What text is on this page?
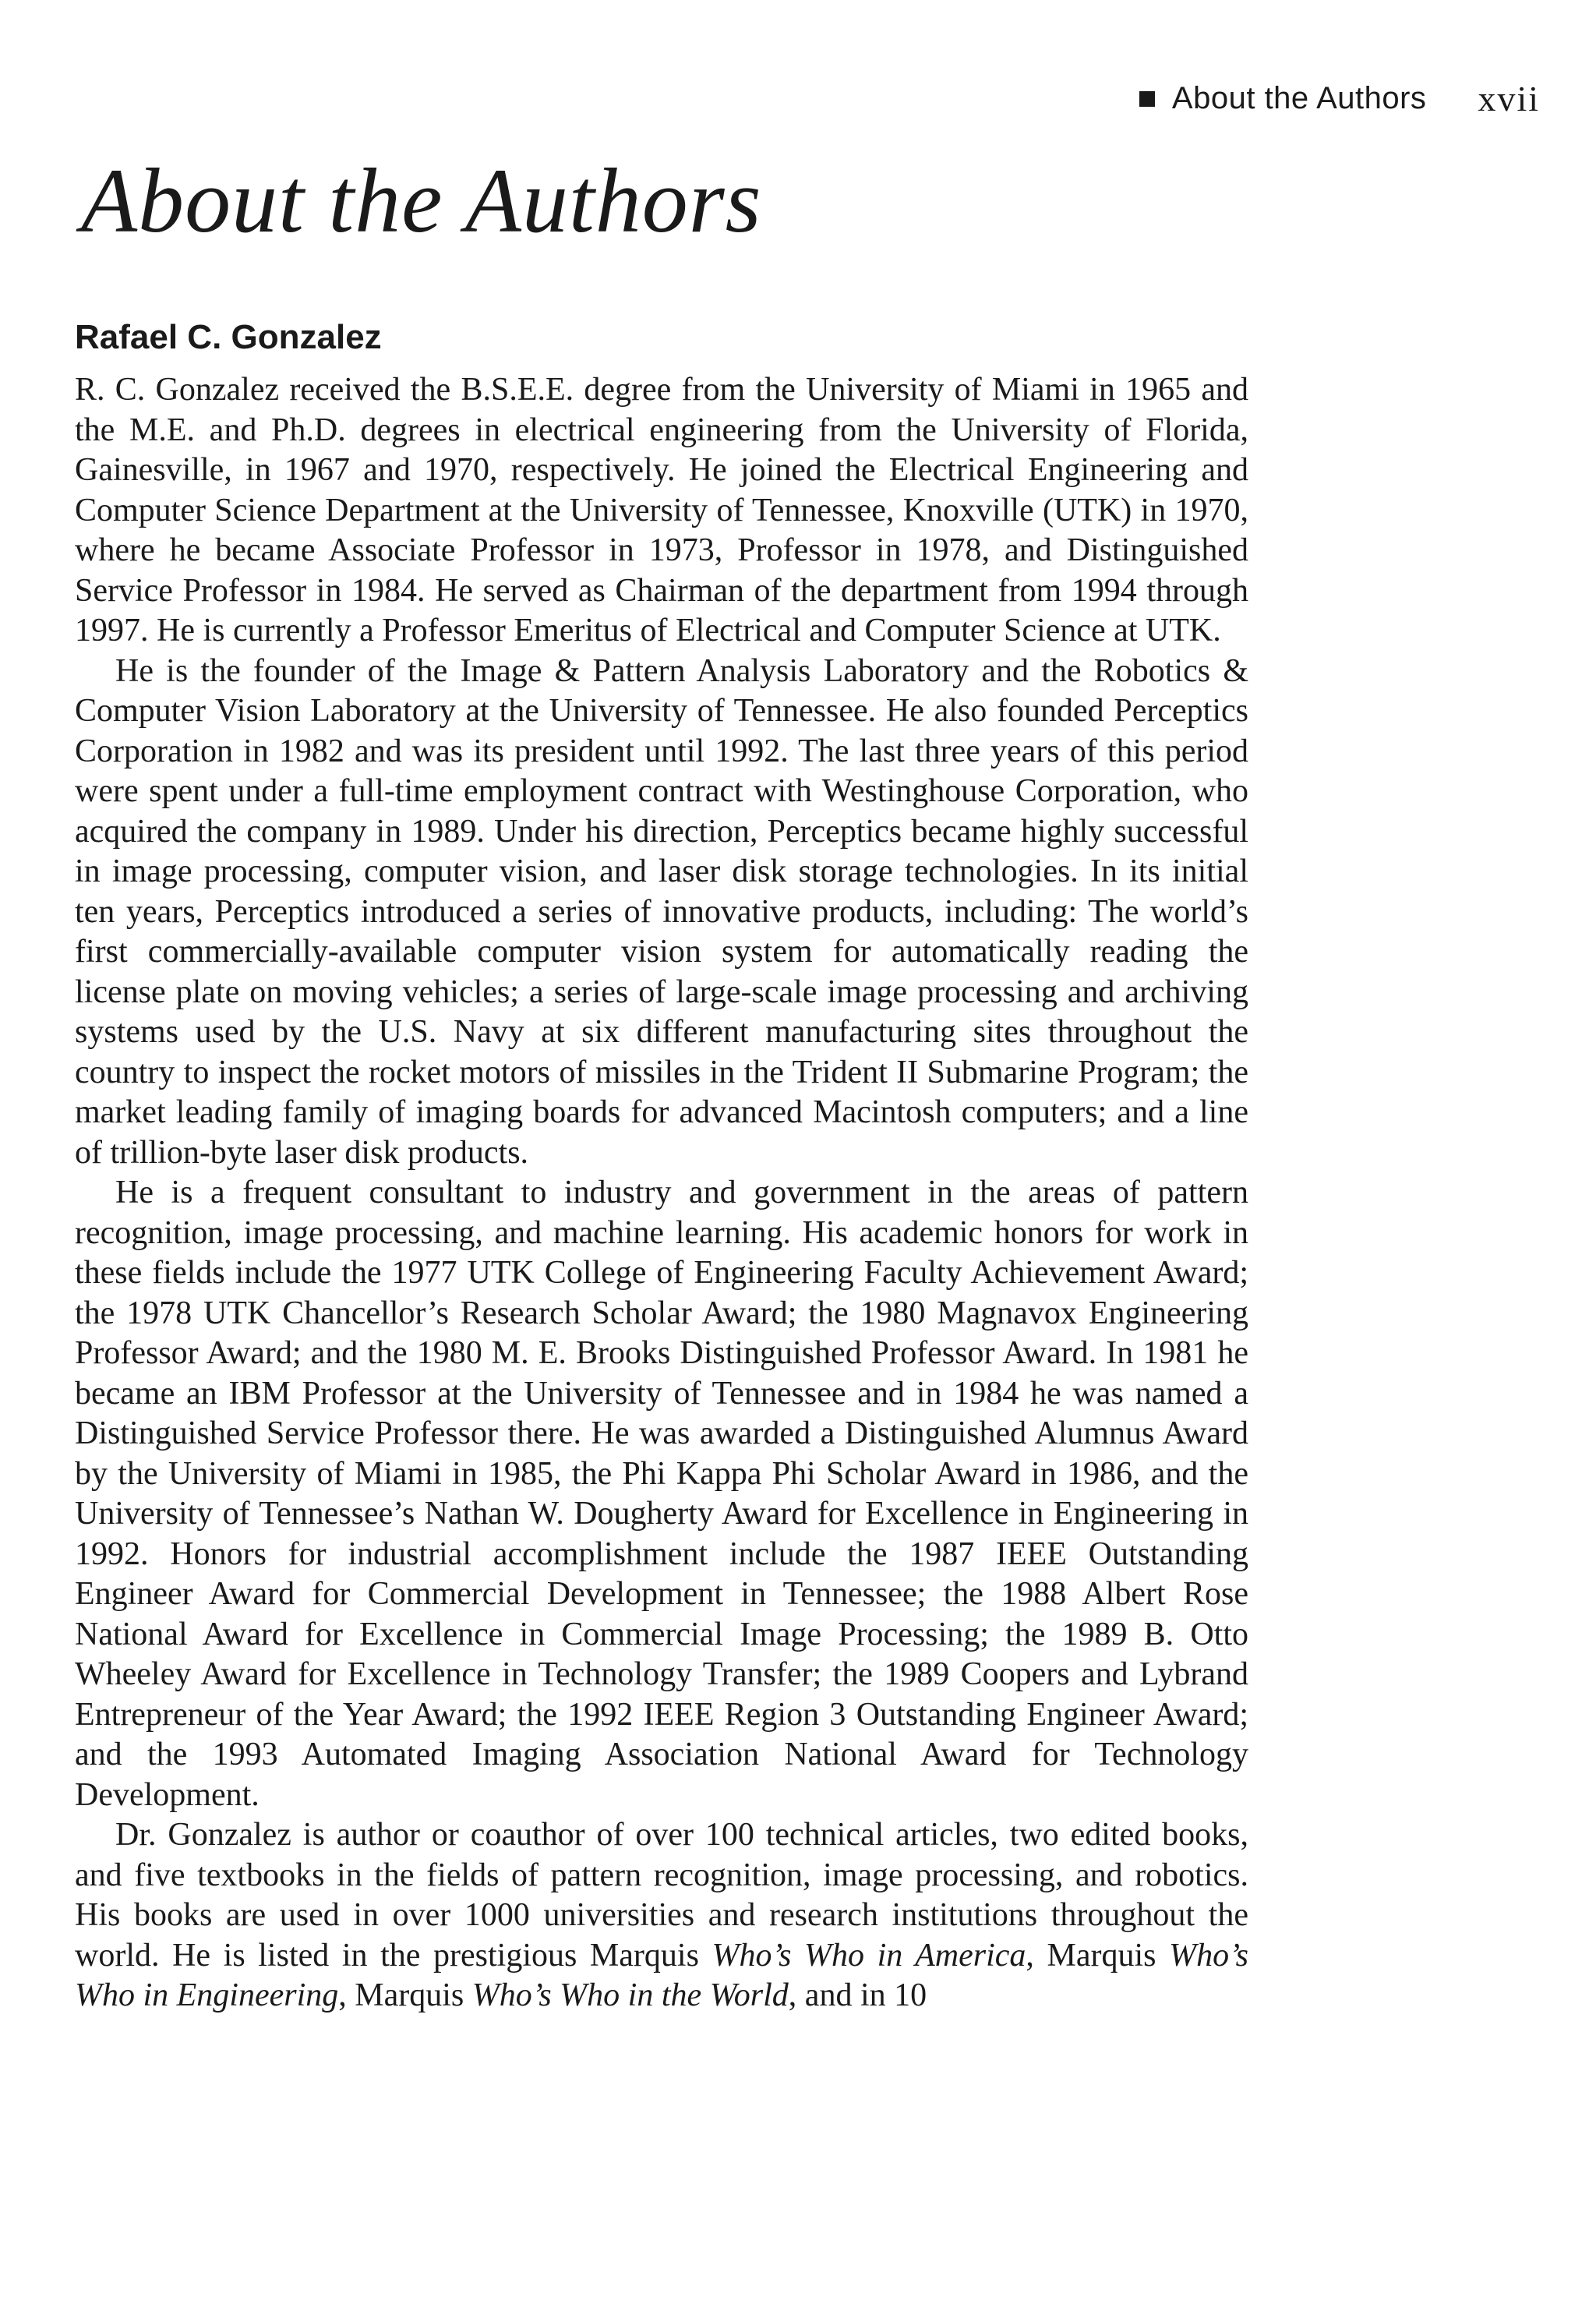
About the Authors xvii
About the Authors
Rafael C. Gonzalez

R. C. Gonzalez received the B.S.E.E. degree from the University of Miami in 1965 and the M.E. and Ph.D. degrees in electrical engineering from the University of Florida, Gainesville, in 1967 and 1970, respectively. He joined the Electrical Engineering and Computer Science Department at the University of Tennessee, Knoxville (UTK) in 1970, where he became Associate Professor in 1973, Professor in 1978, and Distinguished Service Professor in 1984. He served as Chairman of the department from 1994 through 1997. He is currently a Professor Emeritus of Electrical and Computer Science at UTK.

He is the founder of the Image & Pattern Analysis Laboratory and the Robotics & Computer Vision Laboratory at the University of Tennessee. He also founded Perceptics Corporation in 1982 and was its president until 1992. The last three years of this period were spent under a full-time employment contract with Westinghouse Corporation, who acquired the company in 1989. Under his direction, Perceptics became highly successful in image processing, computer vision, and laser disk storage technologies. In its initial ten years, Perceptics introduced a series of innovative products, including: The world’s first commercially-available computer vision system for automatically reading the license plate on moving vehicles; a series of large-scale image processing and archiving systems used by the U.S. Navy at six different manufacturing sites throughout the country to inspect the rocket motors of missiles in the Trident II Submarine Program; the market leading family of imaging boards for advanced Macintosh computers; and a line of trillion-byte laser disk products.

He is a frequent consultant to industry and government in the areas of pattern recognition, image processing, and machine learning. His academic honors for work in these fields include the 1977 UTK College of Engineering Faculty Achievement Award; the 1978 UTK Chancellor’s Research Scholar Award; the 1980 Magnavox Engineering Professor Award; and the 1980 M. E. Brooks Distinguished Professor Award. In 1981 he became an IBM Professor at the University of Tennessee and in 1984 he was named a Distinguished Service Professor there. He was awarded a Distinguished Alumnus Award by the University of Miami in 1985, the Phi Kappa Phi Scholar Award in 1986, and the University of Tennessee’s Nathan W. Dougherty Award for Excellence in Engineering in 1992. Honors for industrial accomplishment include the 1987 IEEE Outstanding Engineer Award for Commercial Development in Tennessee; the 1988 Albert Rose National Award for Excellence in Commercial Image Processing; the 1989 B. Otto Wheeley Award for Excellence in Technology Transfer; the 1989 Coopers and Lybrand Entrepreneur of the Year Award; the 1992 IEEE Region 3 Outstanding Engineer Award; and the 1993 Automated Imaging Association National Award for Technology Development.

Dr. Gonzalez is author or coauthor of over 100 technical articles, two edited books, and five textbooks in the fields of pattern recognition, image processing, and robotics. His books are used in over 1000 universities and research institutions throughout the world. He is listed in the prestigious Marquis Who’s Who in America, Marquis Who’s Who in Engineering, Marquis Who’s Who in the World, and in 10
